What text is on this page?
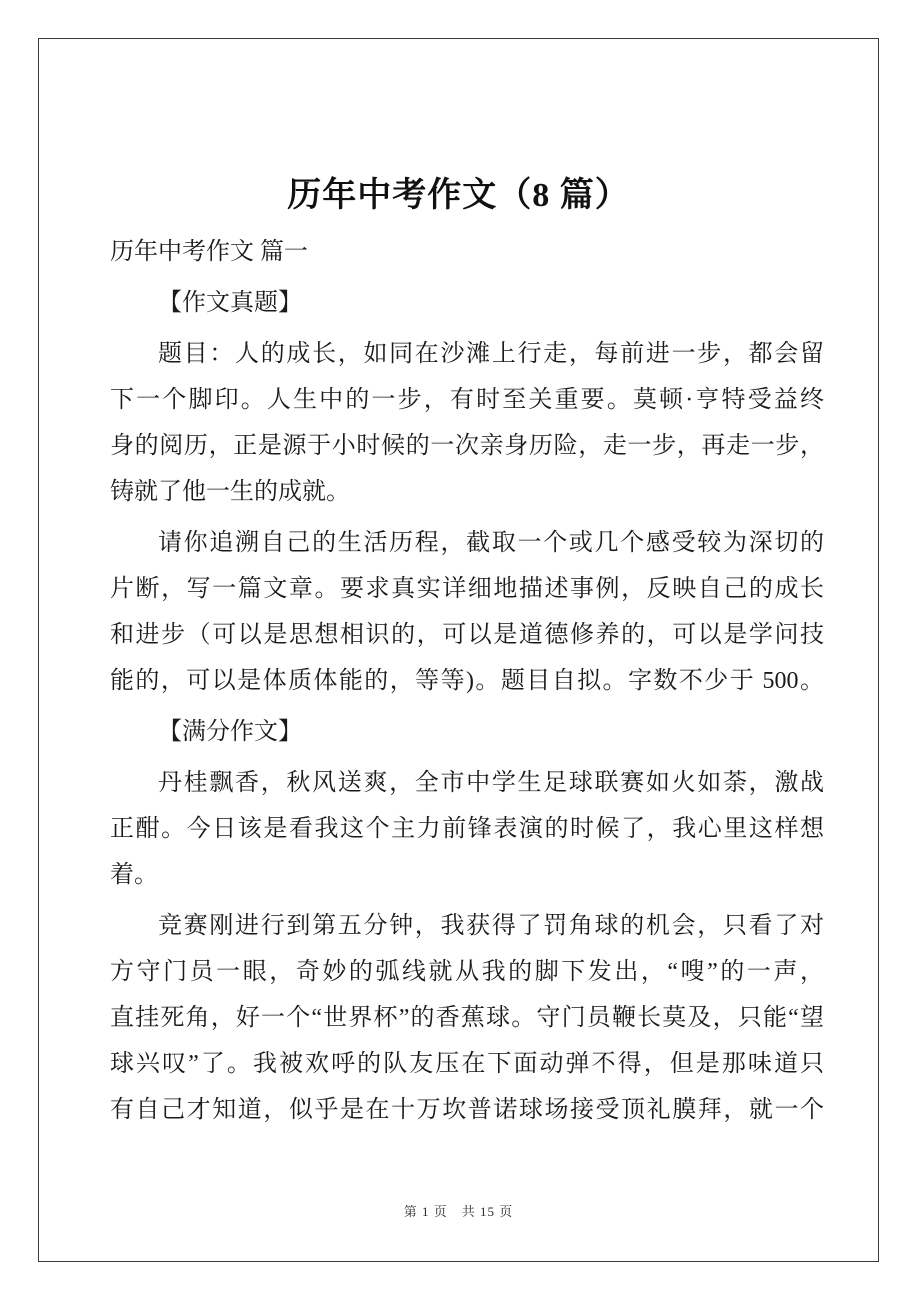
历年中考作文（8 篇）
历年中考作文 篇一
【作文真题】
题目：人的成长，如同在沙滩上行走，每前进一步，都会留
下一个脚印。人生中的一步，有时至关重要。莫顿·亨特受益终
身的阅历，正是源于小时候的一次亲身历险，走一步，再走一步，
铸就了他一生的成就。
请你追溯自己的生活历程，截取一个或几个感受较为深切的
片断，写一篇文章。要求真实详细地描述事例，反映自己的成长
和进步（可以是思想相识的，可以是道德修养的，可以是学问技
能的，可以是体质体能的，等等)。题目自拟。字数不少于 500。
【满分作文】
丹桂飘香，秋风送爽，全市中学生足球联赛如火如荼，激战
正酣。今日该是看我这个主力前锋表演的时候了，我心里这样想
着。
竞赛刚进行到第五分钟，我获得了罚角球的机会，只看了对
方守门员一眼，奇妙的弧线就从我的脚下发出，“嗖”的一声，
直挂死角，好一个“世界杯”的香蕉球。守门员鞭长莫及，只能“望
球兴叹”了。我被欢呼的队友压在下面动弹不得，但是那味道只
有自己才知道，似乎是在十万坎普诺球场接受顶礼膜拜，就一个
第 1 页　共 15 页
